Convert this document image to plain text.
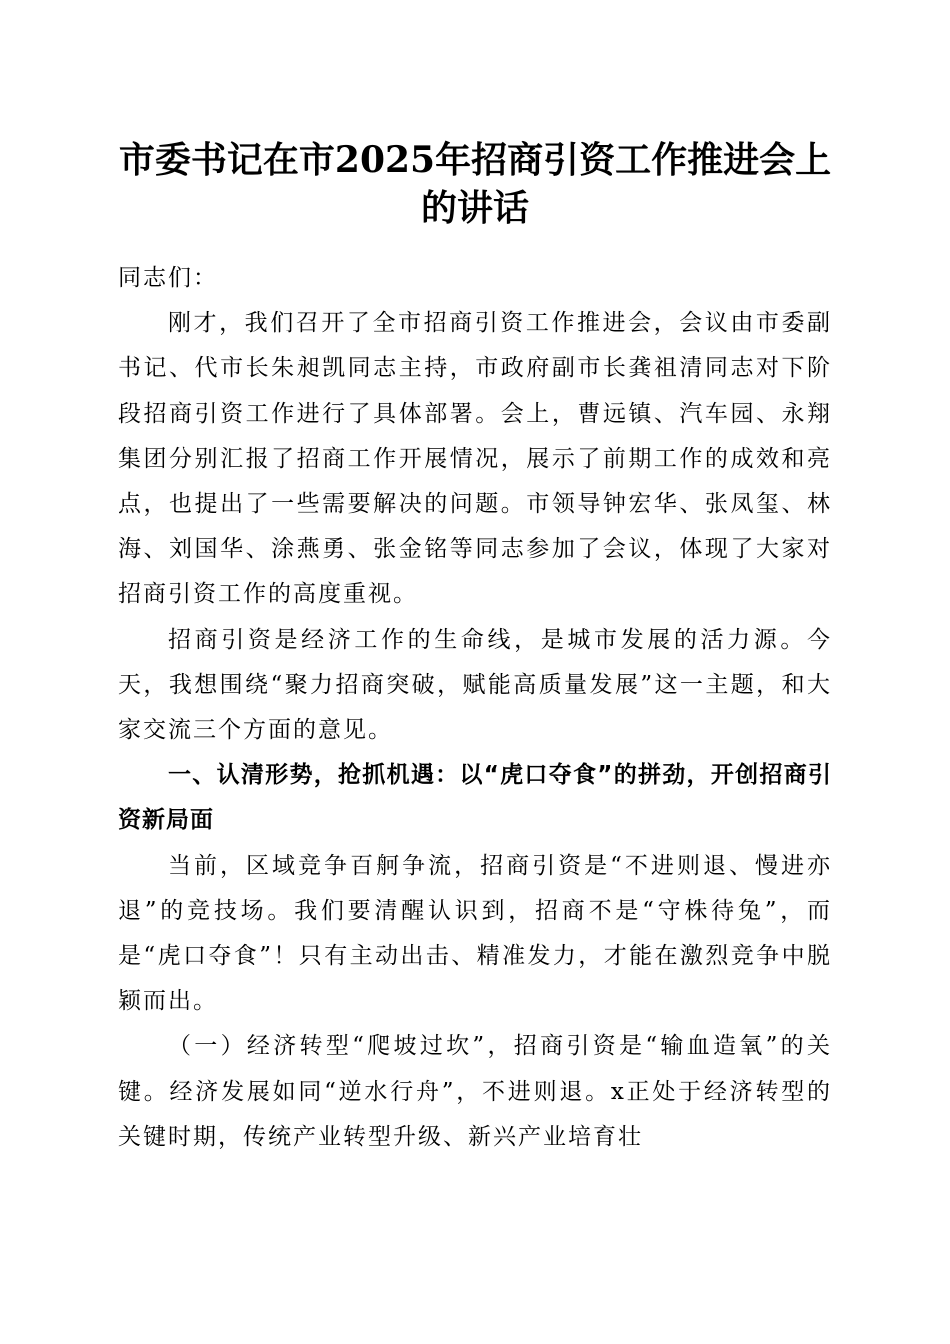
市委书记在市2025年招商引资工作推进会上
的讲话

同志们：

刚才，我们召开了全市招商引资工作推进会，会议由市委副书记、代市长朱昶凯同志主持，市政府副市长龚祖清同志对下阶段招商引资工作进行了具体部署。会上，曹远镇、汽车园、永翔集团分别汇报了招商工作开展情况，展示了前期工作的成效和亮点，也提出了一些需要解决的问题。市领导钟宏华、张凤玺、林海、刘国华、涂燕勇、张金铭等同志参加了会议，体现了大家对招商引资工作的高度重视。

招商引资是经济工作的生命线，是城市发展的活力源。今天，我想围绕“聚力招商突破，赋能高质量发展”这一主题，和大家交流三个方面的意见。

一、认清形势，抢抓机遇：以“虎口夺食”的拼劲，开创招商引资新局面

当前，区域竞争百舸争流，招商引资是“不进则退、慢进亦退”的竞技场。我们要清醒认识到，招商不是“守株待兔”，而是“虎口夺食”！只有主动出击、精准发力，才能在激烈竞争中脱颖而出。

（一）经济转型“爬坡过坎”，招商引资是“输血造氧”的关键。经济发展如同“逆水行舟”，不进则退。x正处于经济转型的关键时期，传统产业转型升级、新兴产业培育壮
